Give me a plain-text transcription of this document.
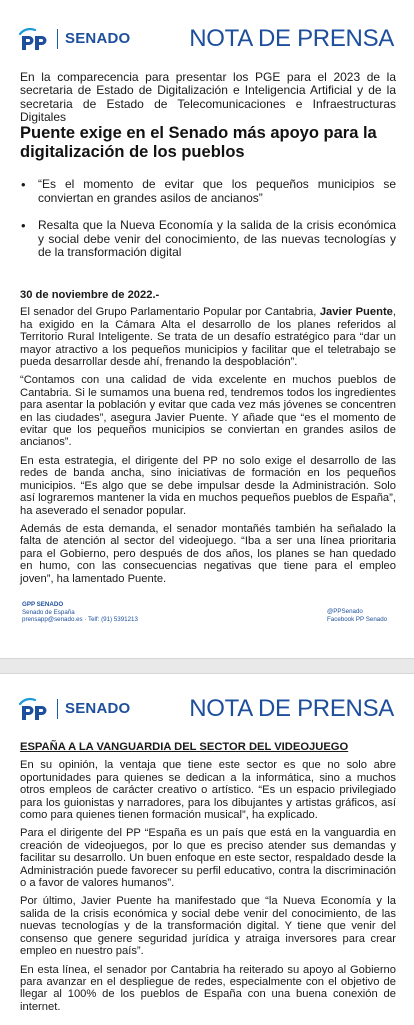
SENADO NOTA DE PRENSA
En la comparecencia para presentar los PGE para el 2023 de la secretaria de Estado de Digitalización e Inteligencia Artificial y de la secretaria de Estado de Telecomunicaciones e Infraestructuras Digitales
Puente exige en el Senado más apoyo para la digitalización de los pueblos
• “Es el momento de evitar que los pequeños municipios se conviertan en grandes asilos de ancianos”
• Resalta que la Nueva Economía y la salida de la crisis económica y social debe venir del conocimiento, de las nuevas tecnologías y de la transformación digital

30 de noviembre de 2022.-

El senador del Grupo Parlamentario Popular por Cantabria, Javier Puente, ha exigido en la Cámara Alta el desarrollo de los planes referidos al Territorio Rural Inteligente. Se trata de un desafío estratégico para “dar un mayor atractivo a los pequeños municipios y facilitar que el teletrabajo se pueda desarrollar desde ahí, frenando la despoblación”.

“Contamos con una calidad de vida excelente en muchos pueblos de Cantabria. Si le sumamos una buena red, tendremos todos los ingredientes para asentar la población y evitar que cada vez más jóvenes se concentren en las ciudades”, asegura Javier Puente. Y añade que “es el momento de evitar que los pequeños municipios se conviertan en grandes asilos de ancianos”.

En esta estrategia, el dirigente del PP no solo exige el desarrollo de las redes de banda ancha, sino iniciativas de formación en los pequeños municipios. “Es algo que se debe impulsar desde la Administración. Solo así lograremos mantener la vida en muchos pequeños pueblos de España”, ha aseverado el senador popular.

Además de esta demanda, el senador montañés también ha señalado la falta de atención al sector del videojuego. “Iba a ser una línea prioritaria para el Gobierno, pero después de dos años, los planes se han quedado en humo, con las consecuencias negativas que tiene para el empleo joven”, ha lamentado Puente.

GPP SENADO
Senado de España
prensapp@senado.es · Telf: (91) 5391213
@PPSenado
Facebook PP Senado
SENADO NOTA DE PRENSA

ESPAÑA A LA VANGUARDIA DEL SECTOR DEL VIDEOJUEGO

En su opinión, la ventaja que tiene este sector es que no solo abre oportunidades para quienes se dedican a la informática, sino a muchos otros empleos de carácter creativo o artístico. “Es un espacio privilegiado para los guionistas y narradores, para los dibujantes y artistas gráficos, así como para quienes tienen formación musical”, ha explicado.

Para el dirigente del PP “España es un país que está en la vanguardia en creación de videojuegos, por lo que es preciso atender sus demandas y facilitar su desarrollo. Un buen enfoque en este sector, respaldado desde la Administración puede favorecer su perfil educativo, contra la discriminación o a favor de valores humanos”.

Por último, Javier Puente ha manifestado que “la Nueva Economía y la salida de la crisis económica y social debe venir del conocimiento, de las nuevas tecnologías y de la transformación digital. Y tiene que venir del consenso que genere seguridad jurídica y atraiga inversores para crear empleo en nuestro país”.

En esta línea, el senador por Cantabria ha reiterado su apoyo al Gobierno para avanzar en el despliegue de redes, especialmente con el objetivo de llegar al 100% de los pueblos de España con una buena conexión de internet.
